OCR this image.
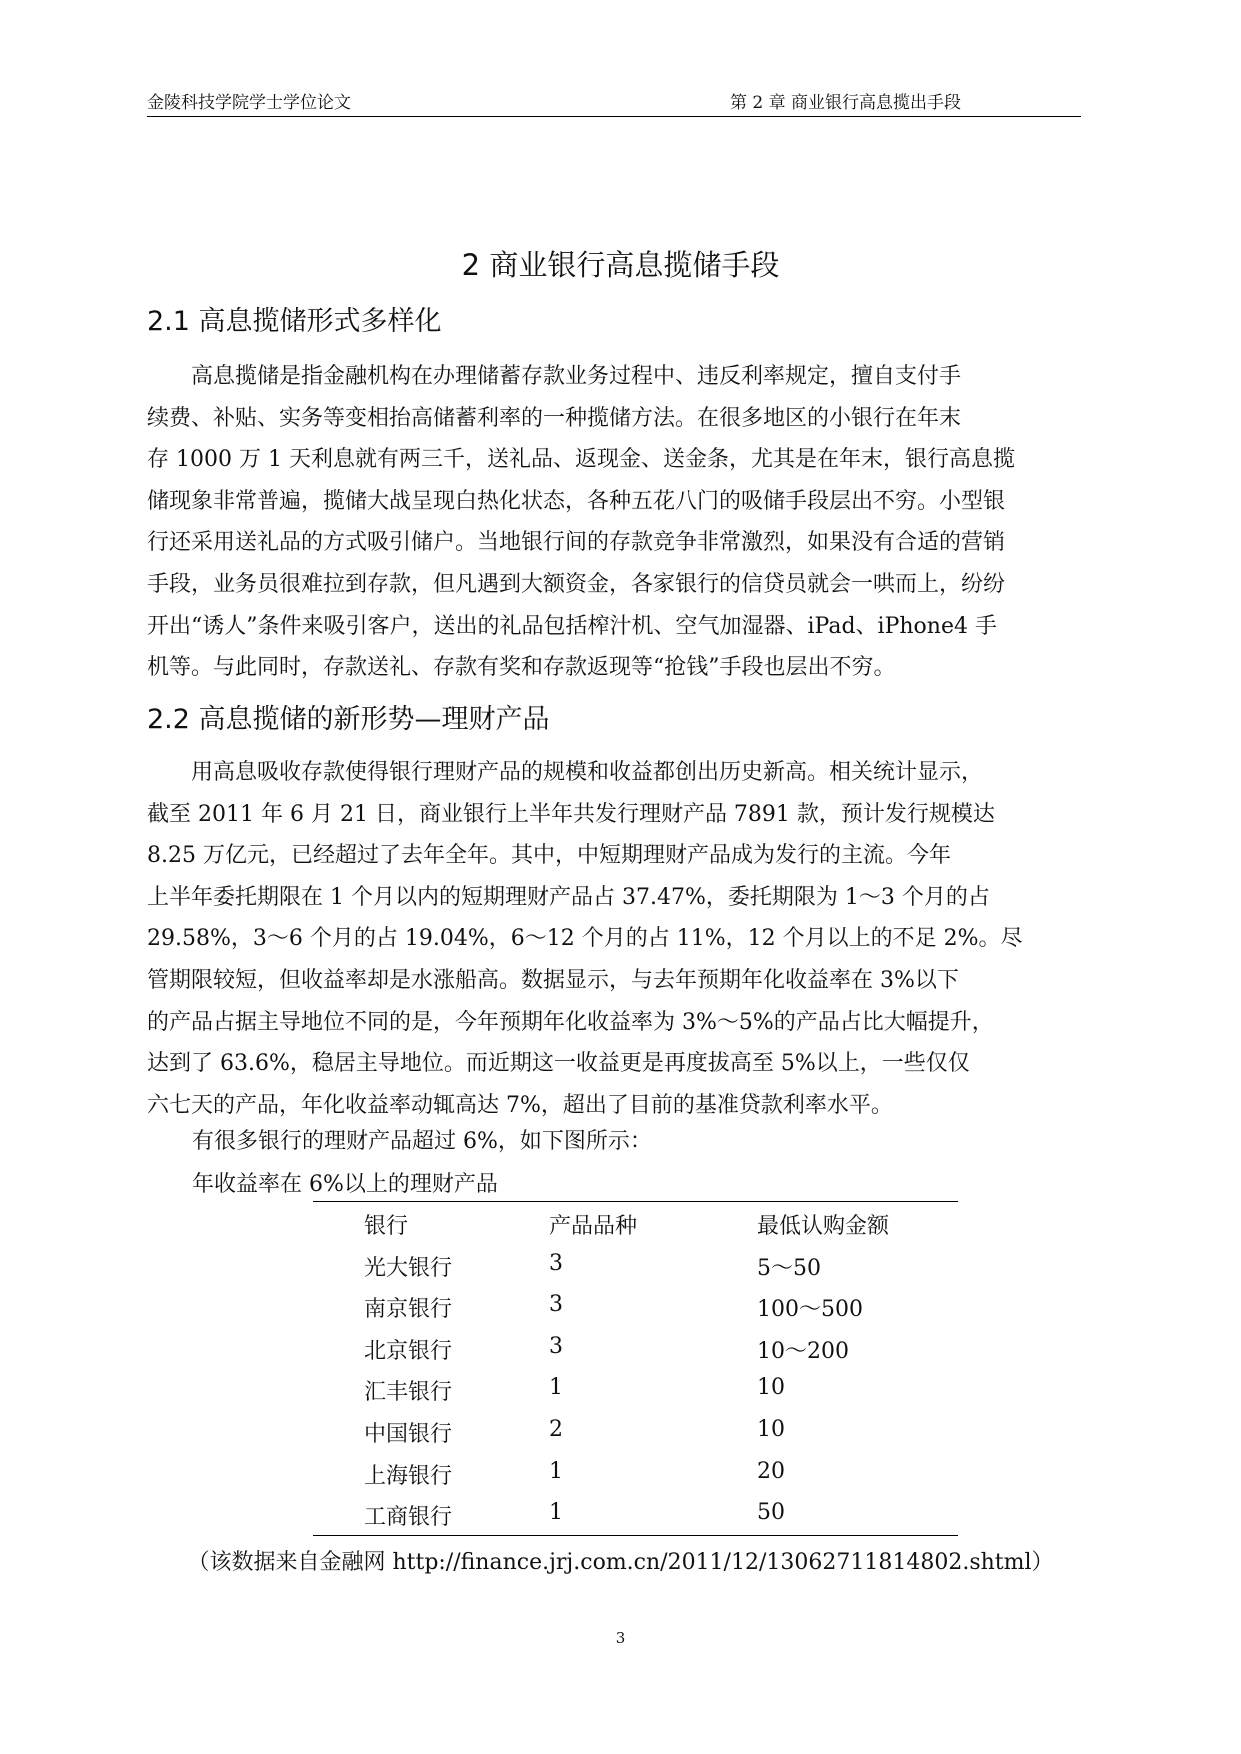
金陵科技学院学士学位论文	第 2 章 商业银行高息揽出手段
2 商业银行高息揽储手段
2.1 高息揽储形式多样化

　　高息揽储是指金融机构在办理储蓄存款业务过程中、违反利率规定，擅自支付手
续费、补贴、实务等变相抬高储蓄利率的一种揽储方法。在很多地区的小银行在年末
存 1000 万 1 天利息就有两三千，送礼品、返现金、送金条，尤其是在年末，银行高息揽
储现象非常普遍，揽储大战呈现白热化状态，各种五花八门的吸储手段层出不穷。小型银
行还采用送礼品的方式吸引储户。当地银行间的存款竞争非常激烈，如果没有合适的营销
手段，业务员很难拉到存款，但凡遇到大额资金，各家银行的信贷员就会一哄而上，纷纷
开出“诱人”条件来吸引客户，送出的礼品包括榨汁机、空气加湿器、iPad、iPhone4 手
机等。与此同时，存款送礼、存款有奖和存款返现等“抢钱”手段也层出不穷。

2.2 高息揽储的新形势—理财产品

　　用高息吸收存款使得银行理财产品的规模和收益都创出历史新高。相关统计显示，
截至 2011 年 6 月 21 日，商业银行上半年共发行理财产品 7891 款，预计发行规模达
8.25 万亿元，已经超过了去年全年。其中，中短期理财产品成为发行的主流。今年
上半年委托期限在 1 个月以内的短期理财产品占 37.47%，委托期限为 1～3 个月的占
29.58%，3～6 个月的占 19.04%，6～12 个月的占 11%，12 个月以上的不足 2%。尽
管期限较短，但收益率却是水涨船高。数据显示，与去年预期年化收益率在 3%以下
的产品占据主导地位不同的是，今年预期年化收益率为 3%～5%的产品占比大幅提升，
达到了 63.6%，稳居主导地位。而近期这一收益更是再度拔高至 5%以上，一些仅仅
六七天的产品，年化收益率动辄高达 7%，超出了目前的基准贷款利率水平。

有很多银行的理财产品超过 6%，如下图所示：
年收益率在 6%以上的理财产品
银行	产品品种	最低认购金额
光大银行	3	5～50
南京银行	3	100～500
北京银行	3	10～200
汇丰银行	1	10
中国银行	2	10
上海银行	1	20
工商银行	1	50
（该数据来自金融网 http://finance.jrj.com.cn/2011/12/13062711814802.shtml）
3
